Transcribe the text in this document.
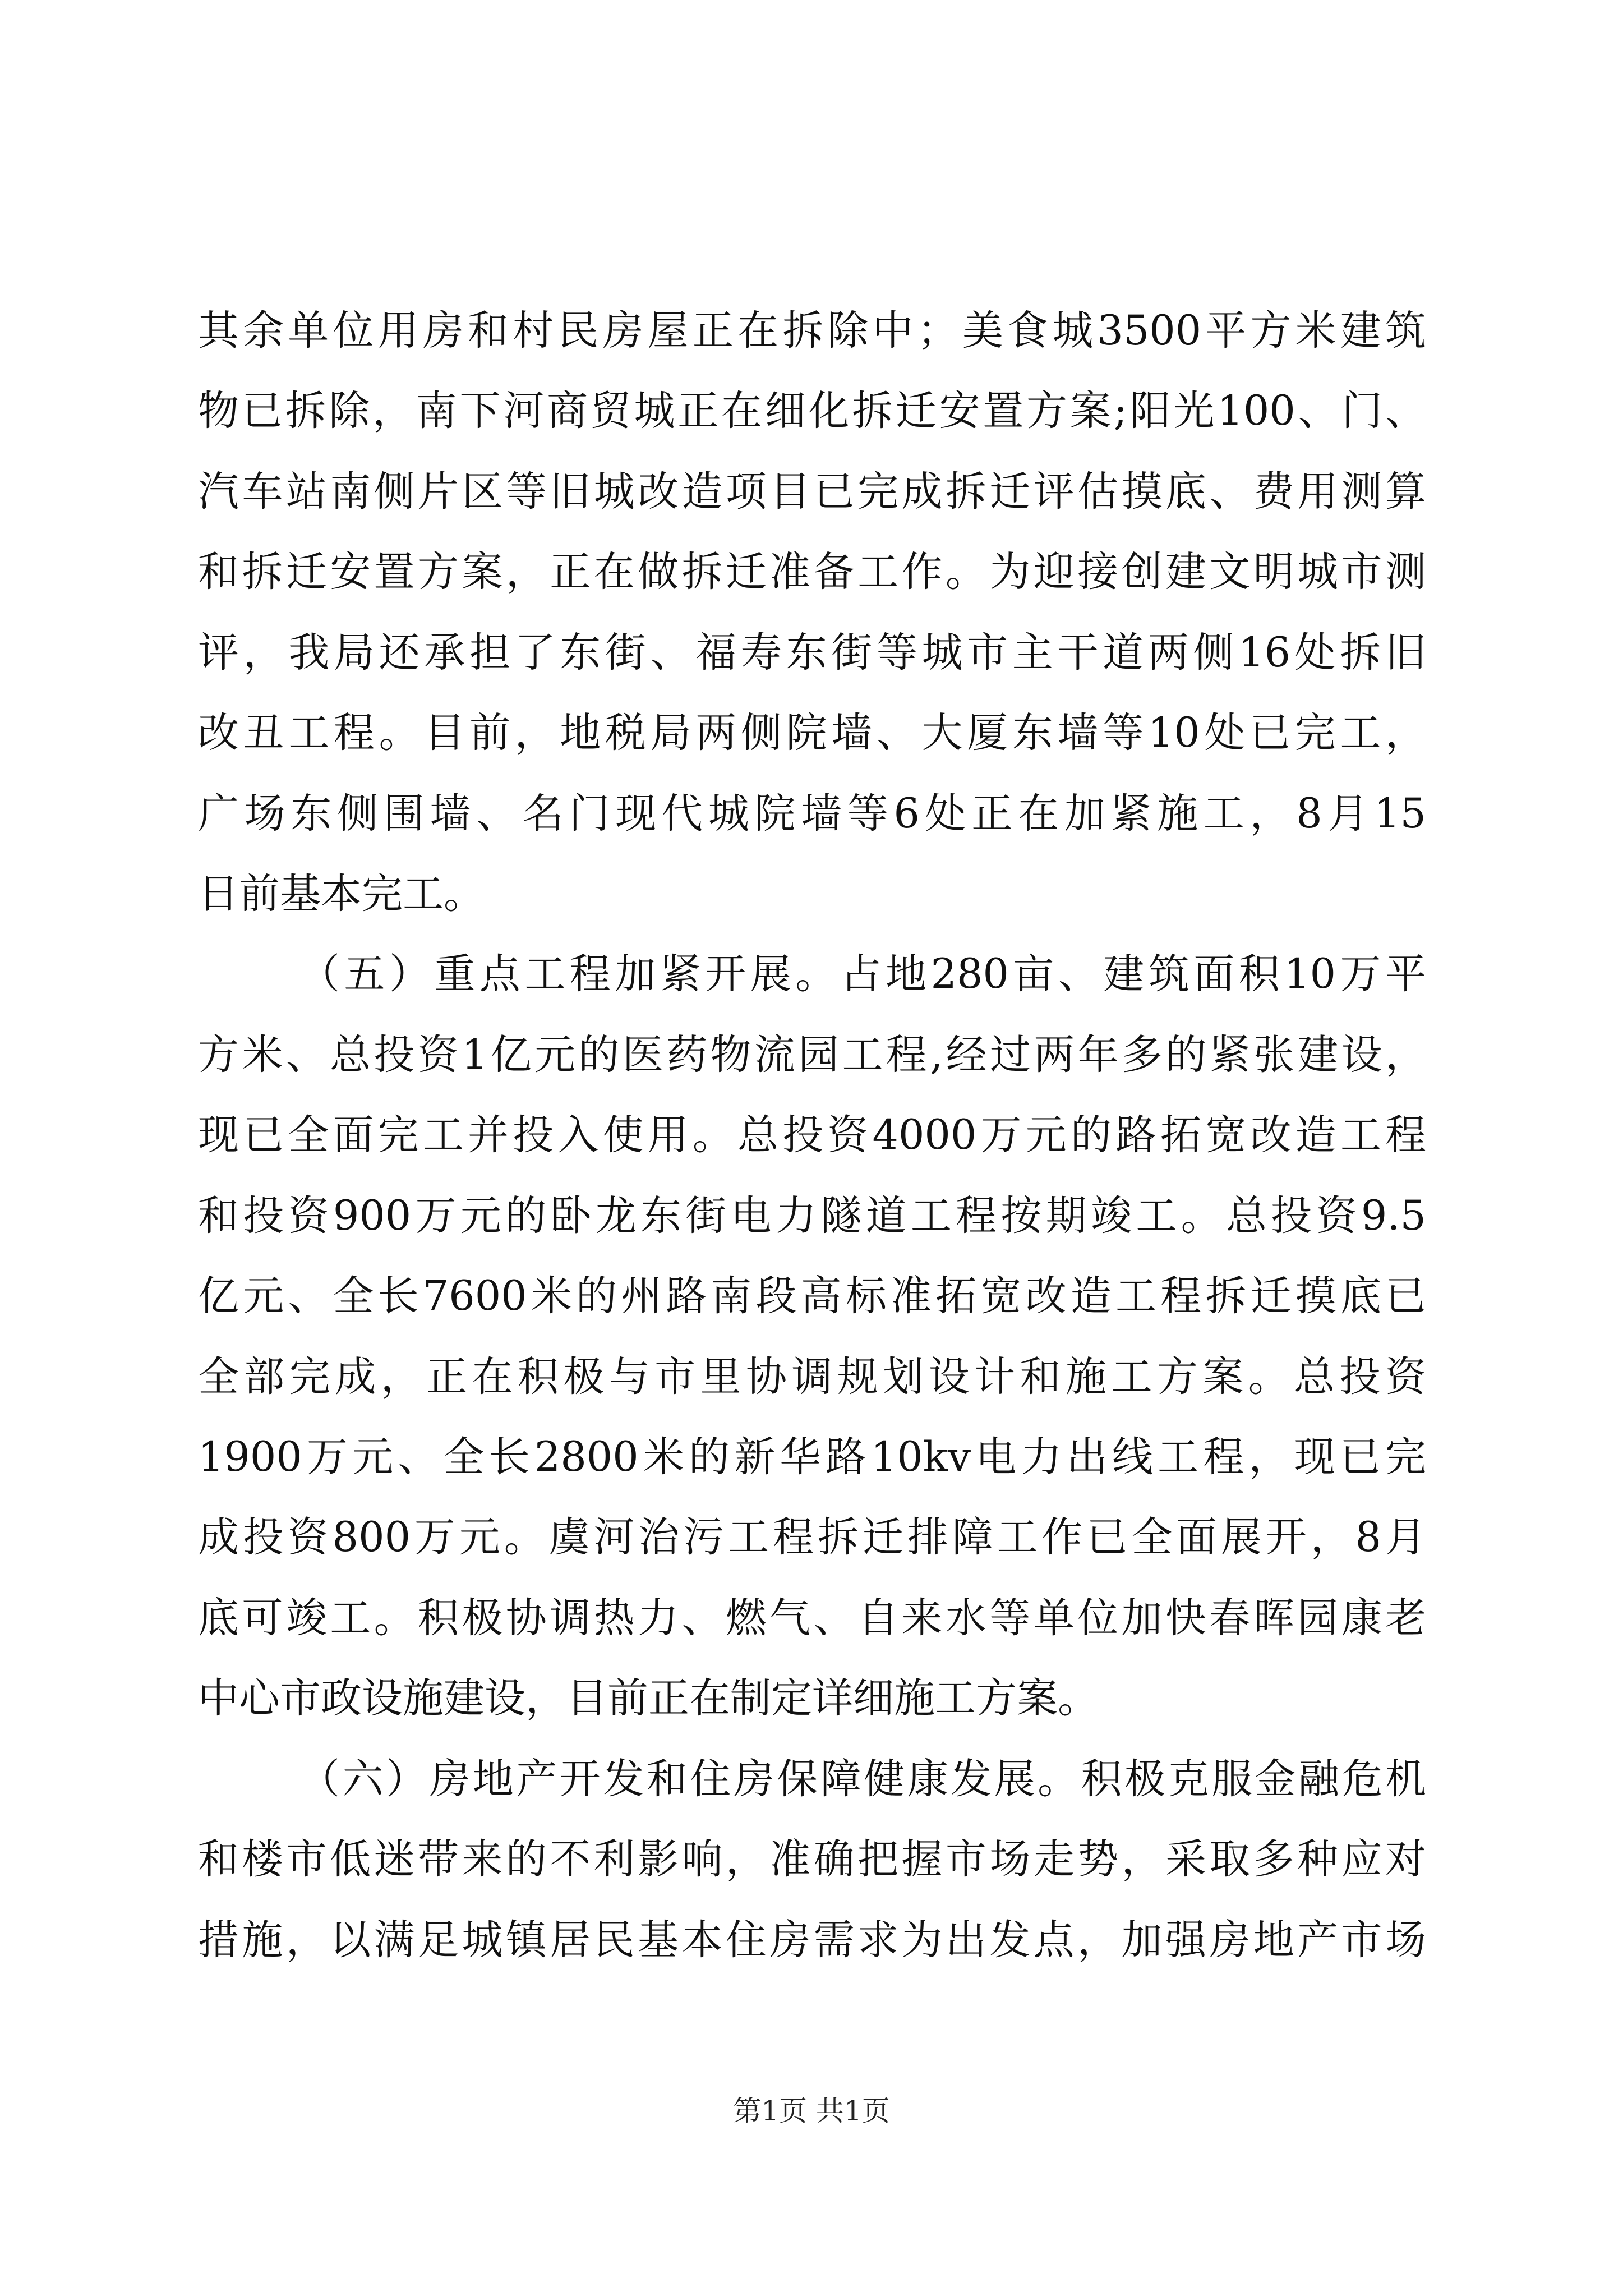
其余单位用房和村民房屋正在拆除中；美食城3500平方米建筑
物已拆除，南下河商贸城正在细化拆迁安置方案;阳光100、门、
汽车站南侧片区等旧城改造项目已完成拆迁评估摸底、费用测算
和拆迁安置方案，正在做拆迁准备工作。为迎接创建文明城市测
评，我局还承担了东街、福寿东街等城市主干道两侧16处拆旧
改丑工程。目前，地税局两侧院墙、大厦东墙等10处已完工，
广场东侧围墙、名门现代城院墙等6处正在加紧施工，8月15
日前基本完工。
（五）重点工程加紧开展。占地280亩、建筑面积10万平
方米、总投资1亿元的医药物流园工程,经过两年多的紧张建设，
现已全面完工并投入使用。总投资4000万元的路拓宽改造工程
和投资900万元的卧龙东街电力隧道工程按期竣工。总投资9.5
亿元、全长7600米的州路南段高标准拓宽改造工程拆迁摸底已
全部完成，正在积极与市里协调规划设计和施工方案。总投资
1900万元、全长2800米的新华路10kv电力出线工程，现已完
成投资800万元。虞河治污工程拆迁排障工作已全面展开，8月
底可竣工。积极协调热力、燃气、自来水等单位加快春晖园康老
中心市政设施建设，目前正在制定详细施工方案。
（六）房地产开发和住房保障健康发展。积极克服金融危机
和楼市低迷带来的不利影响，准确把握市场走势，采取多种应对
措施，以满足城镇居民基本住房需求为出发点，加强房地产市场
第1页 共1页
